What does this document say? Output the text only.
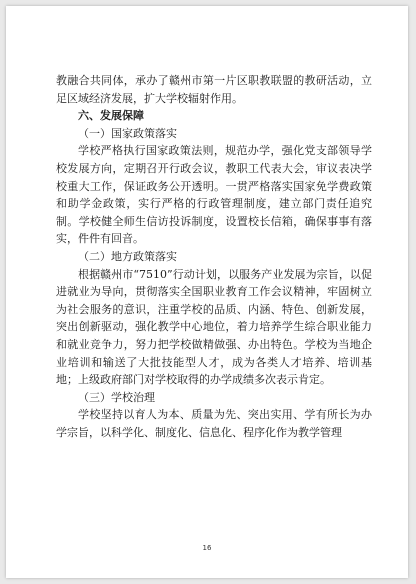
教融合共同体，承办了赣州市第一片区职教联盟的教研活动，立足区域经济发展，扩大学校辐射作用。

六、发展保障

（一）国家政策落实

学校严格执行国家政策法则，规范办学，强化党支部领导学校发展方向，定期召开行政会议，教职工代表大会，审议表决学校重大工作，保证政务公开透明。一贯严格落实国家免学费政策和助学金政策，实行严格的行政管理制度，建立部门责任追究制。学校健全师生信访投诉制度，设置校长信箱，确保事事有落实，件件有回音。

（二）地方政策落实

根据赣州市“7510”行动计划，以服务产业发展为宗旨，以促进就业为导向，贯彻落实全国职业教育工作会议精神，牢固树立为社会服务的意识，注重学校的品质、内涵、特色、创新发展，突出创新驱动，强化教学中心地位，着力培养学生综合职业能力和就业竞争力，努力把学校做精做强、办出特色。学校为当地企业培训和输送了大批技能型人才，成为各类人才培养、培训基地；上级政府部门对学校取得的办学成绩多次表示肯定。

（三）学校治理

学校坚持以育人为本、质量为先、突出实用、学有所长为办学宗旨，以科学化、制度化、信息化、程序化作为教学管理

16
